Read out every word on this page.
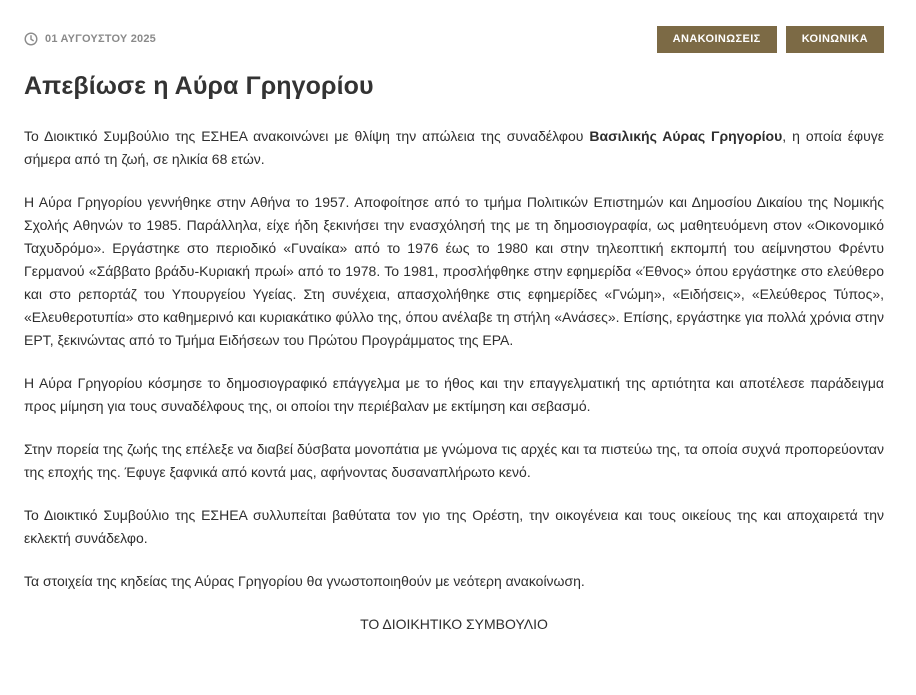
01 ΑΥΓΟΥΣΤΟΥ 2025	ΑΝΑΚΟΙΝΩΣΕΙΣ	ΚΟΙΝΩΝΙΚΑ
Απεβίωσε η Αύρα Γρηγορίου

Το Διοικτικό Συμβούλιο της ΕΣΗΕΑ ανακοινώνει με θλίψη την απώλεια της συναδέλφου Βασιλικής Αύρας Γρηγορίου, η οποία έφυγε σήμερα από τη ζωή, σε ηλικία 68 ετών.

Η Αύρα Γρηγορίου γεννήθηκε στην Αθήνα το 1957. Αποφοίτησε από το τμήμα Πολιτικών Επιστημών και Δημοσίου Δικαίου της Νομικής Σχολής Αθηνών το 1985. Παράλληλα, είχε ήδη ξεκινήσει την ενασχόλησή της με τη δημοσιογραφία, ως μαθητευόμενη στον «Οικονομικό Ταχυδρόμο». Εργάστηκε στο περιοδικό «Γυναίκα» από το 1976 έως το 1980 και στην τηλεοπτική εκπομπή του αείμνηστου Φρέντυ Γερμανού «Σάββατο βράδυ-Κυριακή πρωί» από το 1978. Το 1981, προσλήφθηκε στην εφημερίδα «Έθνος» όπου εργάστηκε στο ελεύθερο και στο ρεπορτάζ του Υπουργείου Υγείας. Στη συνέχεια, απασχολήθηκε στις εφημερίδες «Γνώμη», «Ειδήσεις», «Ελεύθερος Τύπος», «Ελευθεροτυπία» στο καθημερινό και κυριακάτικο φύλλο της, όπου ανέλαβε τη στήλη «Ανάσες». Επίσης, εργάστηκε για πολλά χρόνια στην ΕΡΤ, ξεκινώντας από το Τμήμα Ειδήσεων του Πρώτου Προγράμματος της ΕΡΑ.

Η Αύρα Γρηγορίου κόσμησε το δημοσιογραφικό επάγγελμα με το ήθος και την επαγγελματική της αρτιότητα και αποτέλεσε παράδειγμα προς μίμηση για τους συναδέλφους της, οι οποίοι την περιέβαλαν με εκτίμηση και σεβασμό.

Στην πορεία της ζωής της επέλεξε να διαβεί δύσβατα μονοπάτια με γνώμονα τις αρχές και τα πιστεύω της, τα οποία συχνά προπορεύονταν της εποχής της. Έφυγε ξαφνικά από κοντά μας, αφήνοντας δυσαναπλήρωτο κενό.

Το Διοικτικό Συμβούλιο της ΕΣΗΕΑ συλλυπείται βαθύτατα τον γιο της Ορέστη, την οικογένεια και τους οικείους της και αποχαιρετά την εκλεκτή συνάδελφο.

Τα στοιχεία της κηδείας της Αύρας Γρηγορίου θα γνωστοποιηθούν με νεότερη ανακοίνωση.

ΤΟ ΔΙΟΙΚΗΤΙΚΟ ΣΥΜΒΟΥΛΙΟ
